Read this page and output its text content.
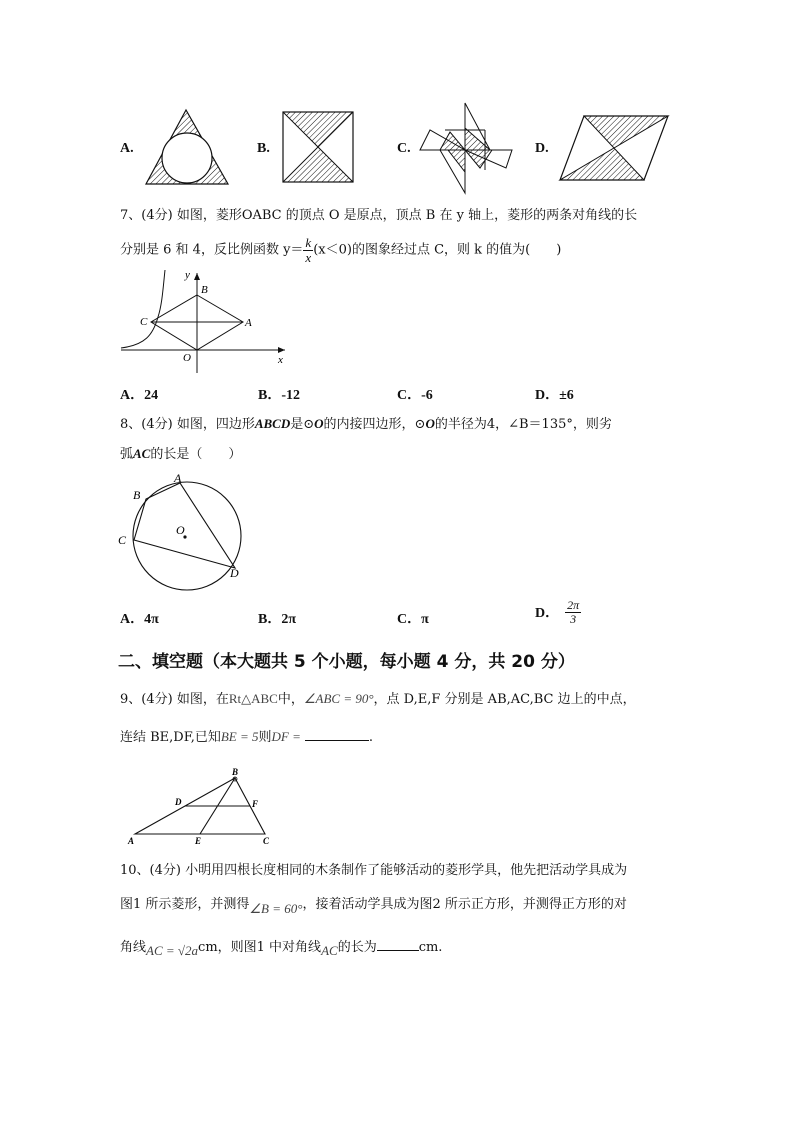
A.	B.	C.	D.
7、(4分) 如图，菱形OABC 的顶点 O 是原点，顶点 B 在 y 轴上，菱形的两条对角线的长
分别是 6 和 4，反比例函数 $y= \frac{k}{x} (x<0)$的图象经过点 C，则 k 的值为(　　)
y
B
C	A
O	x
A．24	B．-12	C．-6	D．±6
8、(4分) 如图，四边形ABCD是⊙O的内接四边形，⊙O的半径为4，∠B＝135°，则劣
弧AC的长是（　　）
A
B
C
D
O
A．4π	B．2π	C．π	D． $\frac{2\pi}{3}$
二、填空题（本大题共 5 个小题，每小题 4 分，共 20 分）
9、(4分) 如图，在Rt△ABC中，∠ABC = 90°，点 D,E,F 分别是 AB,AC,BC 边上的中点，
连结 BE,DF,已知BE = 5则DF =	.
B
D	F
A	E	C
10、(4分) 小明用四根长度相同的木条制作了能够活动的菱形学具，他先把活动学具成为
图1 所示菱形，并测得∠B = 60°，接着活动学具成为图2 所示正方形，并测得正方形的对
角线AC = √2acm，则图1 中对角线AC的长为	cm.
